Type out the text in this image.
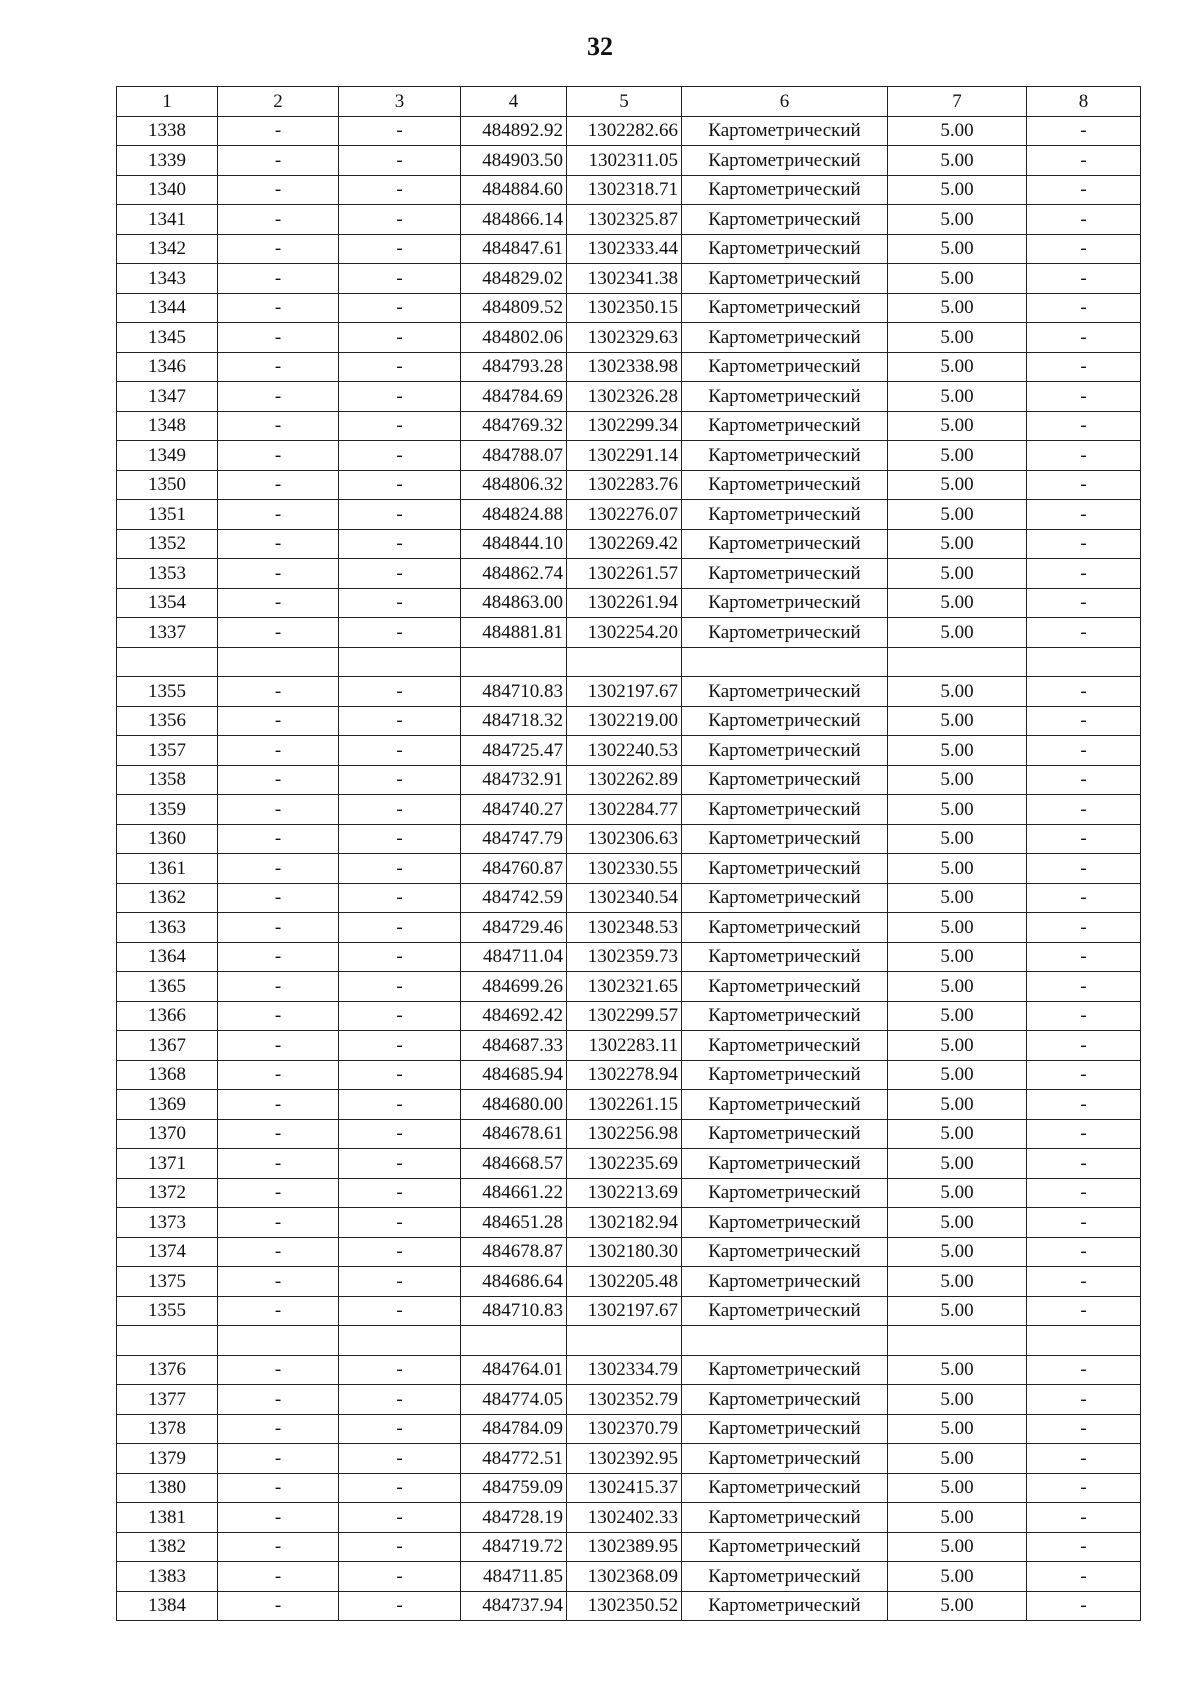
32
1	2	3	4	5	6	7	8
1338	-	-	484892.92	1302282.66	Картометрический	5.00	-
1339	-	-	484903.50	1302311.05	Картометрический	5.00	-
1340	-	-	484884.60	1302318.71	Картометрический	5.00	-
1341	-	-	484866.14	1302325.87	Картометрический	5.00	-
1342	-	-	484847.61	1302333.44	Картометрический	5.00	-
1343	-	-	484829.02	1302341.38	Картометрический	5.00	-
1344	-	-	484809.52	1302350.15	Картометрический	5.00	-
1345	-	-	484802.06	1302329.63	Картометрический	5.00	-
1346	-	-	484793.28	1302338.98	Картометрический	5.00	-
1347	-	-	484784.69	1302326.28	Картометрический	5.00	-
1348	-	-	484769.32	1302299.34	Картометрический	5.00	-
1349	-	-	484788.07	1302291.14	Картометрический	5.00	-
1350	-	-	484806.32	1302283.76	Картометрический	5.00	-
1351	-	-	484824.88	1302276.07	Картометрический	5.00	-
1352	-	-	484844.10	1302269.42	Картометрический	5.00	-
1353	-	-	484862.74	1302261.57	Картометрический	5.00	-
1354	-	-	484863.00	1302261.94	Картометрический	5.00	-
1337	-	-	484881.81	1302254.20	Картометрический	5.00	-

1355	-	-	484710.83	1302197.67	Картометрический	5.00	-
1356	-	-	484718.32	1302219.00	Картометрический	5.00	-
1357	-	-	484725.47	1302240.53	Картометрический	5.00	-
1358	-	-	484732.91	1302262.89	Картометрический	5.00	-
1359	-	-	484740.27	1302284.77	Картометрический	5.00	-
1360	-	-	484747.79	1302306.63	Картометрический	5.00	-
1361	-	-	484760.87	1302330.55	Картометрический	5.00	-
1362	-	-	484742.59	1302340.54	Картометрический	5.00	-
1363	-	-	484729.46	1302348.53	Картометрический	5.00	-
1364	-	-	484711.04	1302359.73	Картометрический	5.00	-
1365	-	-	484699.26	1302321.65	Картометрический	5.00	-
1366	-	-	484692.42	1302299.57	Картометрический	5.00	-
1367	-	-	484687.33	1302283.11	Картометрический	5.00	-
1368	-	-	484685.94	1302278.94	Картометрический	5.00	-
1369	-	-	484680.00	1302261.15	Картометрический	5.00	-
1370	-	-	484678.61	1302256.98	Картометрический	5.00	-
1371	-	-	484668.57	1302235.69	Картометрический	5.00	-
1372	-	-	484661.22	1302213.69	Картометрический	5.00	-
1373	-	-	484651.28	1302182.94	Картометрический	5.00	-
1374	-	-	484678.87	1302180.30	Картометрический	5.00	-
1375	-	-	484686.64	1302205.48	Картометрический	5.00	-
1355	-	-	484710.83	1302197.67	Картометрический	5.00	-

1376	-	-	484764.01	1302334.79	Картометрический	5.00	-
1377	-	-	484774.05	1302352.79	Картометрический	5.00	-
1378	-	-	484784.09	1302370.79	Картометрический	5.00	-
1379	-	-	484772.51	1302392.95	Картометрический	5.00	-
1380	-	-	484759.09	1302415.37	Картометрический	5.00	-
1381	-	-	484728.19	1302402.33	Картометрический	5.00	-
1382	-	-	484719.72	1302389.95	Картометрический	5.00	-
1383	-	-	484711.85	1302368.09	Картометрический	5.00	-
1384	-	-	484737.94	1302350.52	Картометрический	5.00	-
